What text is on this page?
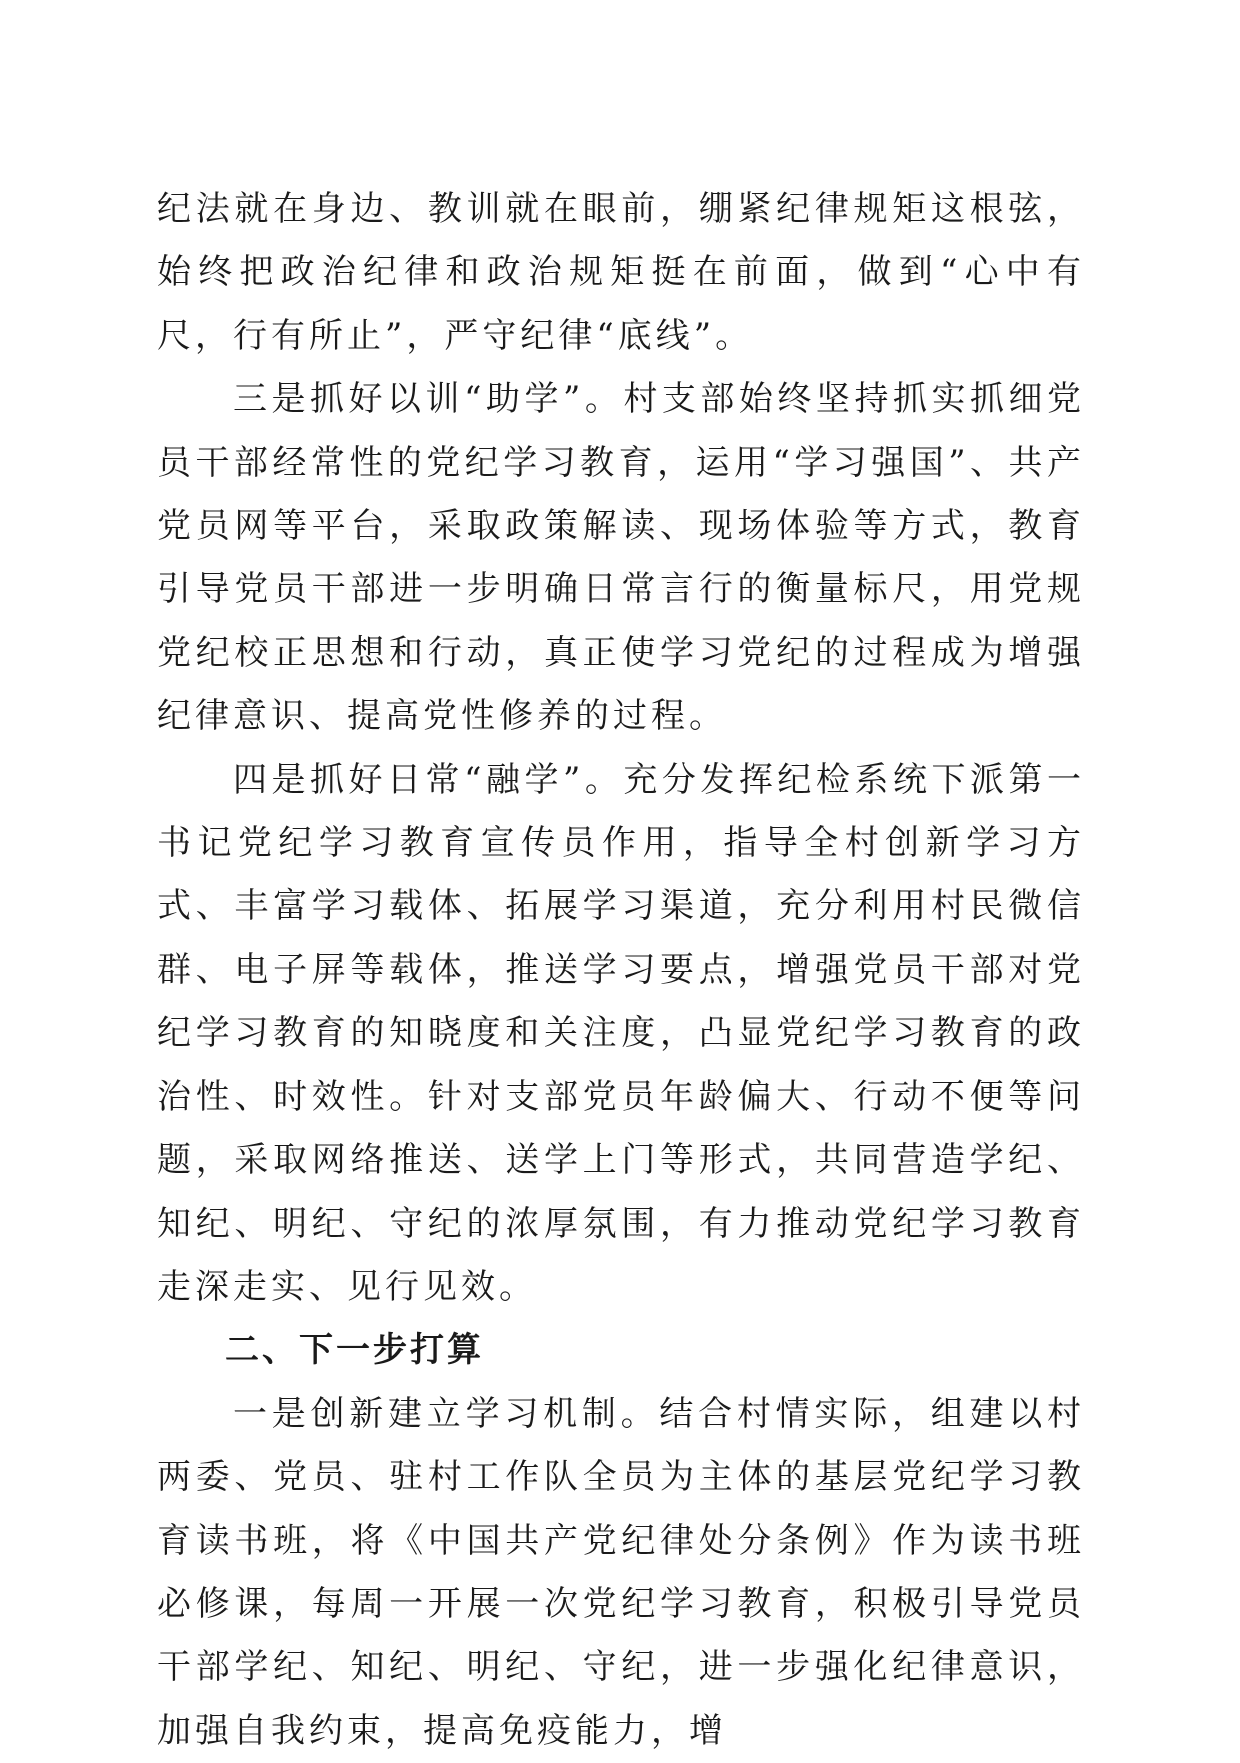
纪法就在身边、教训就在眼前，绷紧纪律规矩这根弦，始终把政治纪律和政治规矩挺在前面，做到“心中有尺，行有所止”，严守纪律“底线”。

三是抓好以训“助学”。村支部始终坚持抓实抓细党员干部经常性的党纪学习教育，运用“学习强国”、共产党员网等平台，采取政策解读、现场体验等方式，教育引导党员干部进一步明确日常言行的衡量标尺，用党规党纪校正思想和行动，真正使学习党纪的过程成为增强纪律意识、提高党性修养的过程。

四是抓好日常“融学”。充分发挥纪检系统下派第一书记党纪学习教育宣传员作用，指导全村创新学习方式、丰富学习载体、拓展学习渠道，充分利用村民微信群、电子屏等载体，推送学习要点，增强党员干部对党纪学习教育的知晓度和关注度，凸显党纪学习教育的政治性、时效性。针对支部党员年龄偏大、行动不便等问题，采取网络推送、送学上门等形式，共同营造学纪、知纪、明纪、守纪的浓厚氛围，有力推动党纪学习教育走深走实、见行见效。

二、下一步打算

一是创新建立学习机制。结合村情实际，组建以村两委、党员、驻村工作队全员为主体的基层党纪学习教育读书班，将《中国共产党纪律处分条例》作为读书班必修课，每周一开展一次党纪学习教育，积极引导党员干部学纪、知纪、明纪、守纪，进一步强化纪律意识，加强自我约束，提高免疫能力，增
